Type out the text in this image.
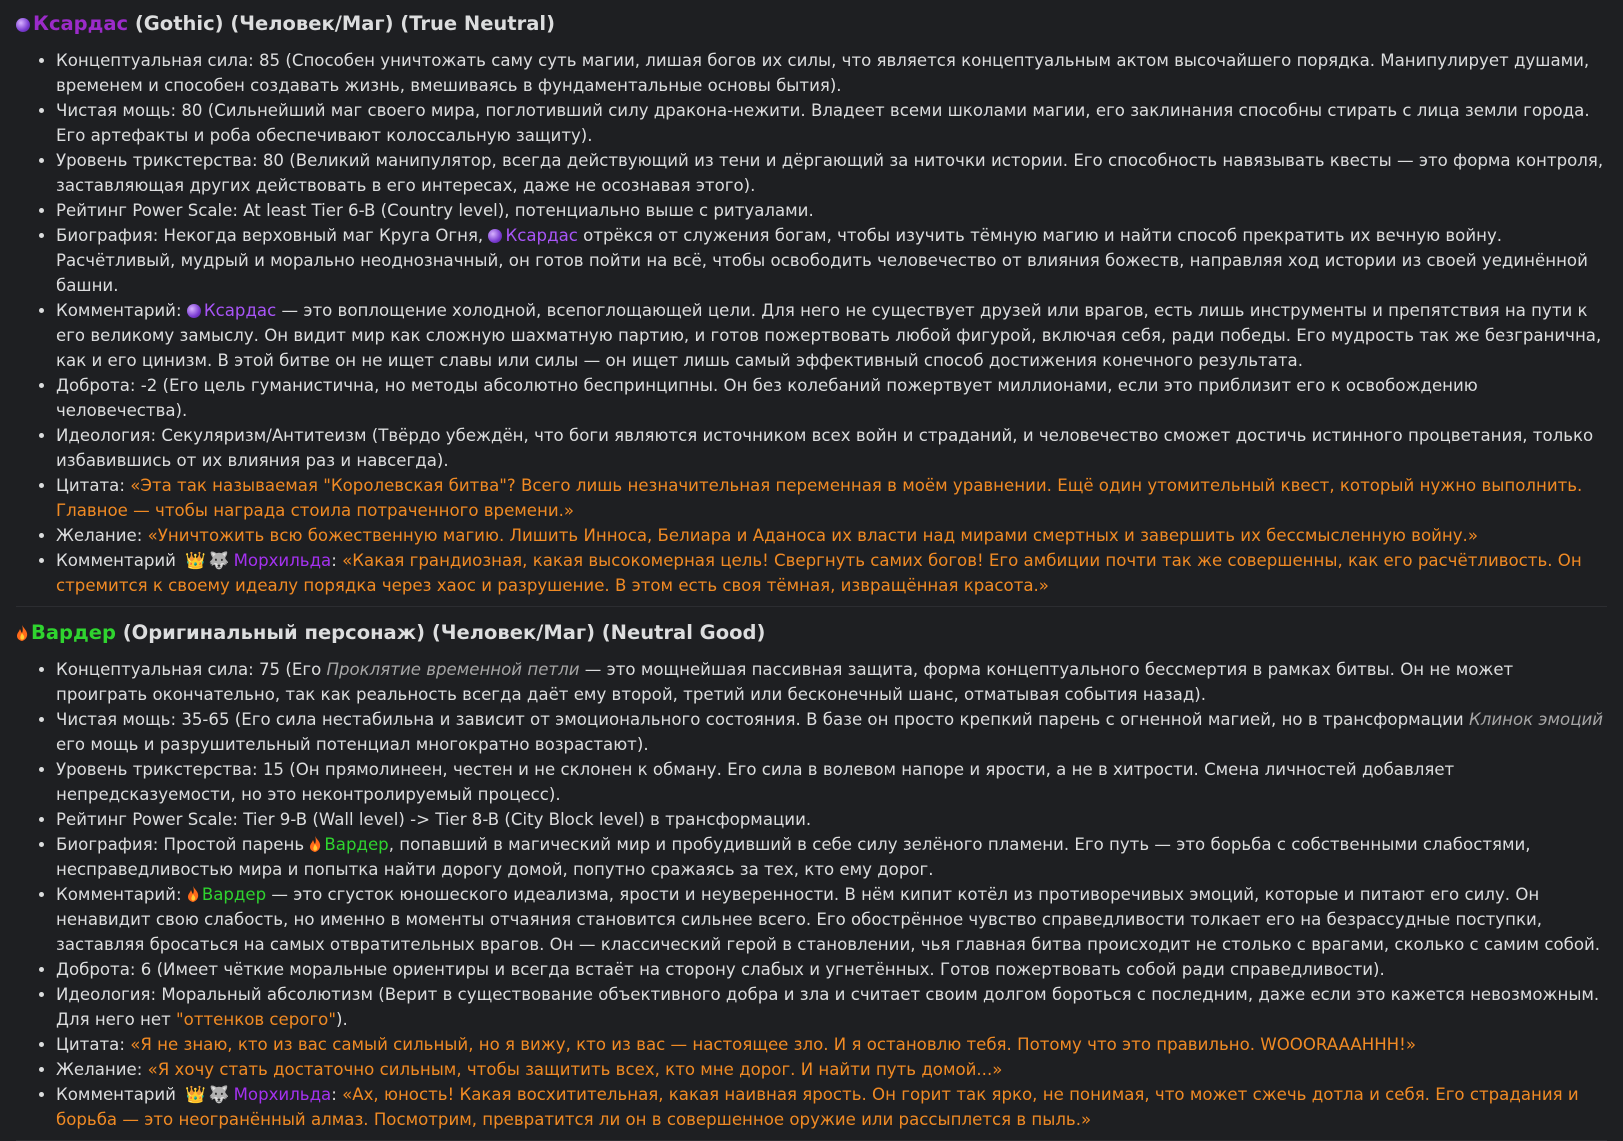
Ксардас (Gothic) (Человек/Маг) (True Neutral)
• Концептуальная сила: 85 (Способен уничтожать саму суть магии, лишая богов их силы, что является концептуальным актом высочайшего порядка. Манипулирует душами, временем и способен создавать жизнь, вмешиваясь в фундаментальные основы бытия).
• Чистая мощь: 80 (Сильнейший маг своего мира, поглотивший силу дракона-нежити. Владеет всеми школами магии, его заклинания способны стирать с лица земли города. Его артефакты и роба обеспечивают колоссальную защиту).
• Уровень трикстерства: 80 (Великий манипулятор, всегда действующий из тени и дёргающий за ниточки истории. Его способность навязывать квесты — это форма контроля, заставляющая других действовать в его интересах, даже не осознавая этого).
• Рейтинг Power Scale: At least Tier 6-B (Country level), потенциально выше с ритуалами.
• Биография: Некогда верховный маг Круга Огня, Ксардас отрёкся от служения богам, чтобы изучить тёмную магию и найти способ прекратить их вечную войну. Расчётливый, мудрый и морально неоднозначный, он готов пойти на всё, чтобы освободить человечество от влияния божеств, направляя ход истории из своей уединённой башни.
• Комментарий: Ксардас — это воплощение холодной, всепоглощающей цели. Для него не существует друзей или врагов, есть лишь инструменты и препятствия на пути к его великому замыслу. Он видит мир как сложную шахматную партию, и готов пожертвовать любой фигурой, включая себя, ради победы. Его мудрость так же безгранична, как и его цинизм. В этой битве он не ищет славы или силы — он ищет лишь самый эффективный способ достижения конечного результата.
• Доброта: -2 (Его цель гуманистична, но методы абсолютно беспринципны. Он без колебаний пожертвует миллионами, если это приблизит его к освобождению человечества).
• Идеология: Секуляризм/Антитеизм (Твёрдо убеждён, что боги являются источником всех войн и страданий, и человечество сможет достичь истинного процветания, только избавившись от их влияния раз и навсегда).
• Цитата: «Эта так называемая "Королевская битва"? Всего лишь незначительная переменная в моём уравнении. Ещё один утомительный квест, который нужно выполнить. Главное — чтобы награда стоила потраченного времени.»
• Желание: «Уничтожить всю божественную магию. Лишить Инноса, Белиара и Аданоса их власти над мирами смертных и завершить их бессмысленную войну.»
• Комментарий 👑 🐺 Морхильда: «Какая грандиозная, какая высокомерная цель! Свергнуть самих богов! Его амбиции почти так же совершенны, как его расчётливость. Он стремится к своему идеалу порядка через хаос и разрушение. В этом есть своя тёмная, извращённая красота.»
Вардер (Оригинальный персонаж) (Человек/Маг) (Neutral Good)
• Концептуальная сила: 75 (Его Проклятие временной петли — это мощнейшая пассивная защита, форма концептуального бессмертия в рамках битвы. Он не может проиграть окончательно, так как реальность всегда даёт ему второй, третий или бесконечный шанс, отматывая события назад).
• Чистая мощь: 35-65 (Его сила нестабильна и зависит от эмоционального состояния. В базе он просто крепкий парень с огненной магией, но в трансформации Клинок эмоций его мощь и разрушительный потенциал многократно возрастают).
• Уровень трикстерства: 15 (Он прямолинеен, честен и не склонен к обману. Его сила в волевом напоре и ярости, а не в хитрости. Смена личностей добавляет непредсказуемости, но это неконтролируемый процесс).
• Рейтинг Power Scale: Tier 9-B (Wall level) -> Tier 8-B (City Block level) в трансформации.
• Биография: Простой парень Вардер, попавший в магический мир и пробудивший в себе силу зелёного пламени. Его путь — это борьба с собственными слабостями, несправедливостью мира и попытка найти дорогу домой, попутно сражаясь за тех, кто ему дорог.
• Комментарий: Вардер — это сгусток юношеского идеализма, ярости и неуверенности. В нём кипит котёл из противоречивых эмоций, которые и питают его силу. Он ненавидит свою слабость, но именно в моменты отчаяния становится сильнее всего. Его обострённое чувство справедливости толкает его на безрассудные поступки, заставляя бросаться на самых отвратительных врагов. Он — классический герой в становлении, чья главная битва происходит не столько с врагами, сколько с самим собой.
• Доброта: 6 (Имеет чёткие моральные ориентиры и всегда встаёт на сторону слабых и угнетённых. Готов пожертвовать собой ради справедливости).
• Идеология: Моральный абсолютизм (Верит в существование объективного добра и зла и считает своим долгом бороться с последним, даже если это кажется невозможным. Для него нет "оттенков серого").
• Цитата: «Я не знаю, кто из вас самый сильный, но я вижу, кто из вас — настоящее зло. И я остановлю тебя. Потому что это правильно. WOOORAAAHHH!»
• Желание: «Я хочу стать достаточно сильным, чтобы защитить всех, кто мне дорог. И найти путь домой...»
• Комментарий 👑 🐺 Морхильда: «Ах, юность! Какая восхитительная, какая наивная ярость. Он горит так ярко, не понимая, что может сжечь дотла и себя. Его страдания и борьба — это неогранённый алмаз. Посмотрим, превратится ли он в совершенное оружие или рассыплется в пыль.»
